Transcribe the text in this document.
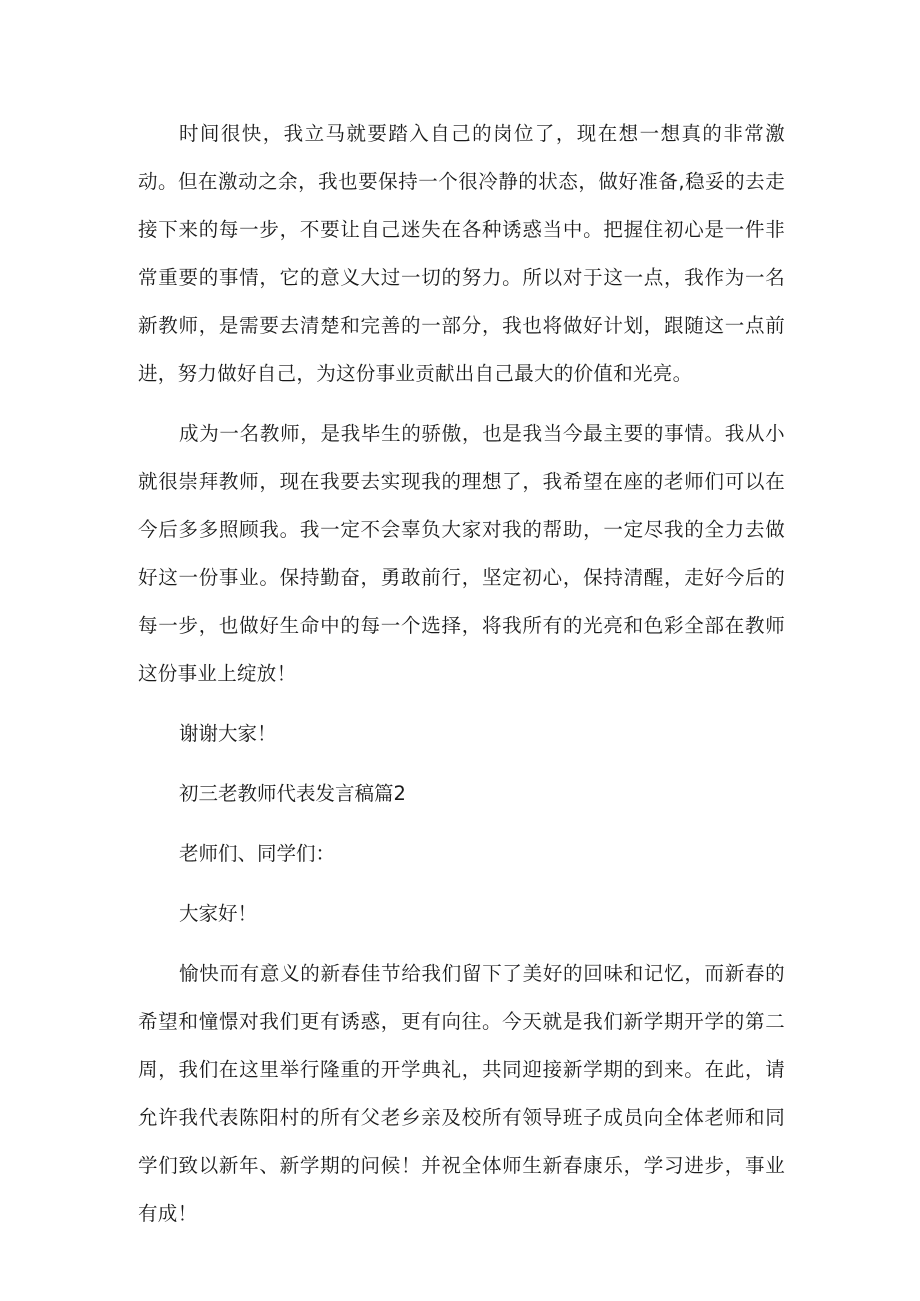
时间很快，我立马就要踏入自己的岗位了，现在想一想真的非常激动。但在激动之余，我也要保持一个很冷静的状态，做好准备,稳妥的去走接下来的每一步，不要让自己迷失在各种诱惑当中。把握住初心是一件非常重要的事情，它的意义大过一切的努力。所以对于这一点，我作为一名新教师，是需要去清楚和完善的一部分，我也将做好计划，跟随这一点前进，努力做好自己，为这份事业贡献出自己最大的价值和光亮。

成为一名教师，是我毕生的骄傲，也是我当今最主要的事情。我从小就很崇拜教师，现在我要去实现我的理想了，我希望在座的老师们可以在今后多多照顾我。我一定不会辜负大家对我的帮助，一定尽我的全力去做好这一份事业。保持勤奋，勇敢前行，坚定初心，保持清醒，走好今后的每一步，也做好生命中的每一个选择，将我所有的光亮和色彩全部在教师这份事业上绽放！

谢谢大家！

初三老教师代表发言稿篇2

老师们、同学们：

大家好！

愉快而有意义的新春佳节给我们留下了美好的回味和记忆，而新春的希望和憧憬对我们更有诱惑，更有向往。今天就是我们新学期开学的第二周，我们在这里举行隆重的开学典礼，共同迎接新学期的到来。在此，请允许我代表陈阳村的所有父老乡亲及校所有领导班子成员向全体老师和同学们致以新年、新学期的问候！并祝全体师生新春康乐，学习进步，事业有成！
